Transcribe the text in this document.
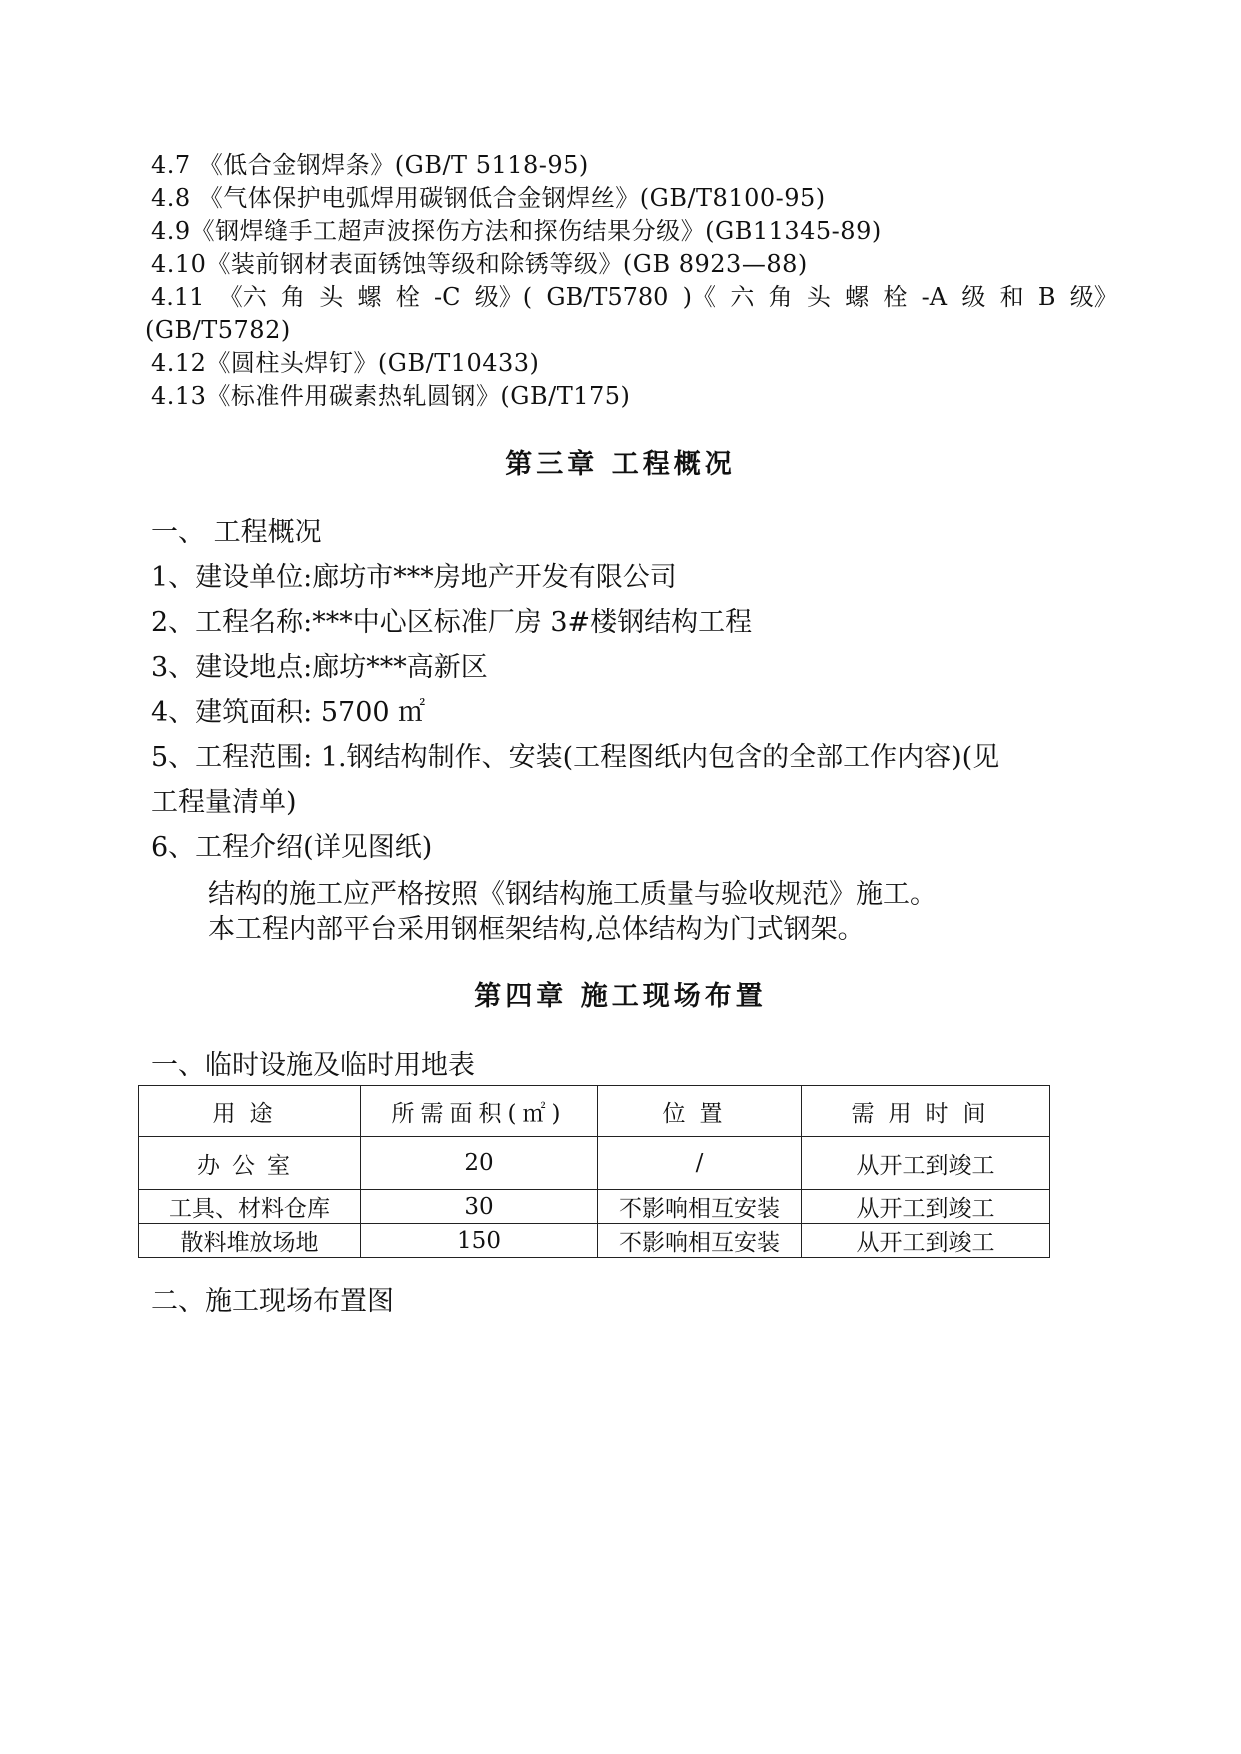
4.7 《低合金钢焊条》(GB/T 5118-95)
4.8 《气体保护电弧焊用碳钢低合金钢焊丝》(GB/T8100-95)
4.9《钢焊缝手工超声波探伤方法和探伤结果分级》(GB11345-89)
4.10《装前钢材表面锈蚀等级和除锈等级》(GB 8923—88)
4.11 《六 角 头 螺 栓 -C 级》( GB/T5780 )《 六 角 头 螺 栓 -A 级 和 B 级》
(GB/T5782)
4.12《圆柱头焊钉》(GB/T10433)
4.13《标准件用碳素热轧圆钢》(GB/T175)
第三章 工程概况
一、 工程概况
1、建设单位:廊坊市***房地产开发有限公司
2、工程名称:***中心区标准厂房 3#楼钢结构工程
3、建设地点:廊坊***高新区
4、建筑面积: 5700 ㎡
5、工程范围: 1.钢结构制作、安装(工程图纸内包含的全部工作内容)(见
工程量清单)
6、工程介绍(详见图纸)
结构的施工应严格按照《钢结构施工质量与验收规范》施工。
本工程内部平台采用钢框架结构,总体结构为门式钢架。
第四章 施工现场布置
一、临时设施及临时用地表
用途	所需面积(㎡)	位置	需用时间
办公室	20	/	从开工到竣工
工具、材料仓库	30	不影响相互安装	从开工到竣工
散料堆放场地	150	不影响相互安装	从开工到竣工
二、施工现场布置图
